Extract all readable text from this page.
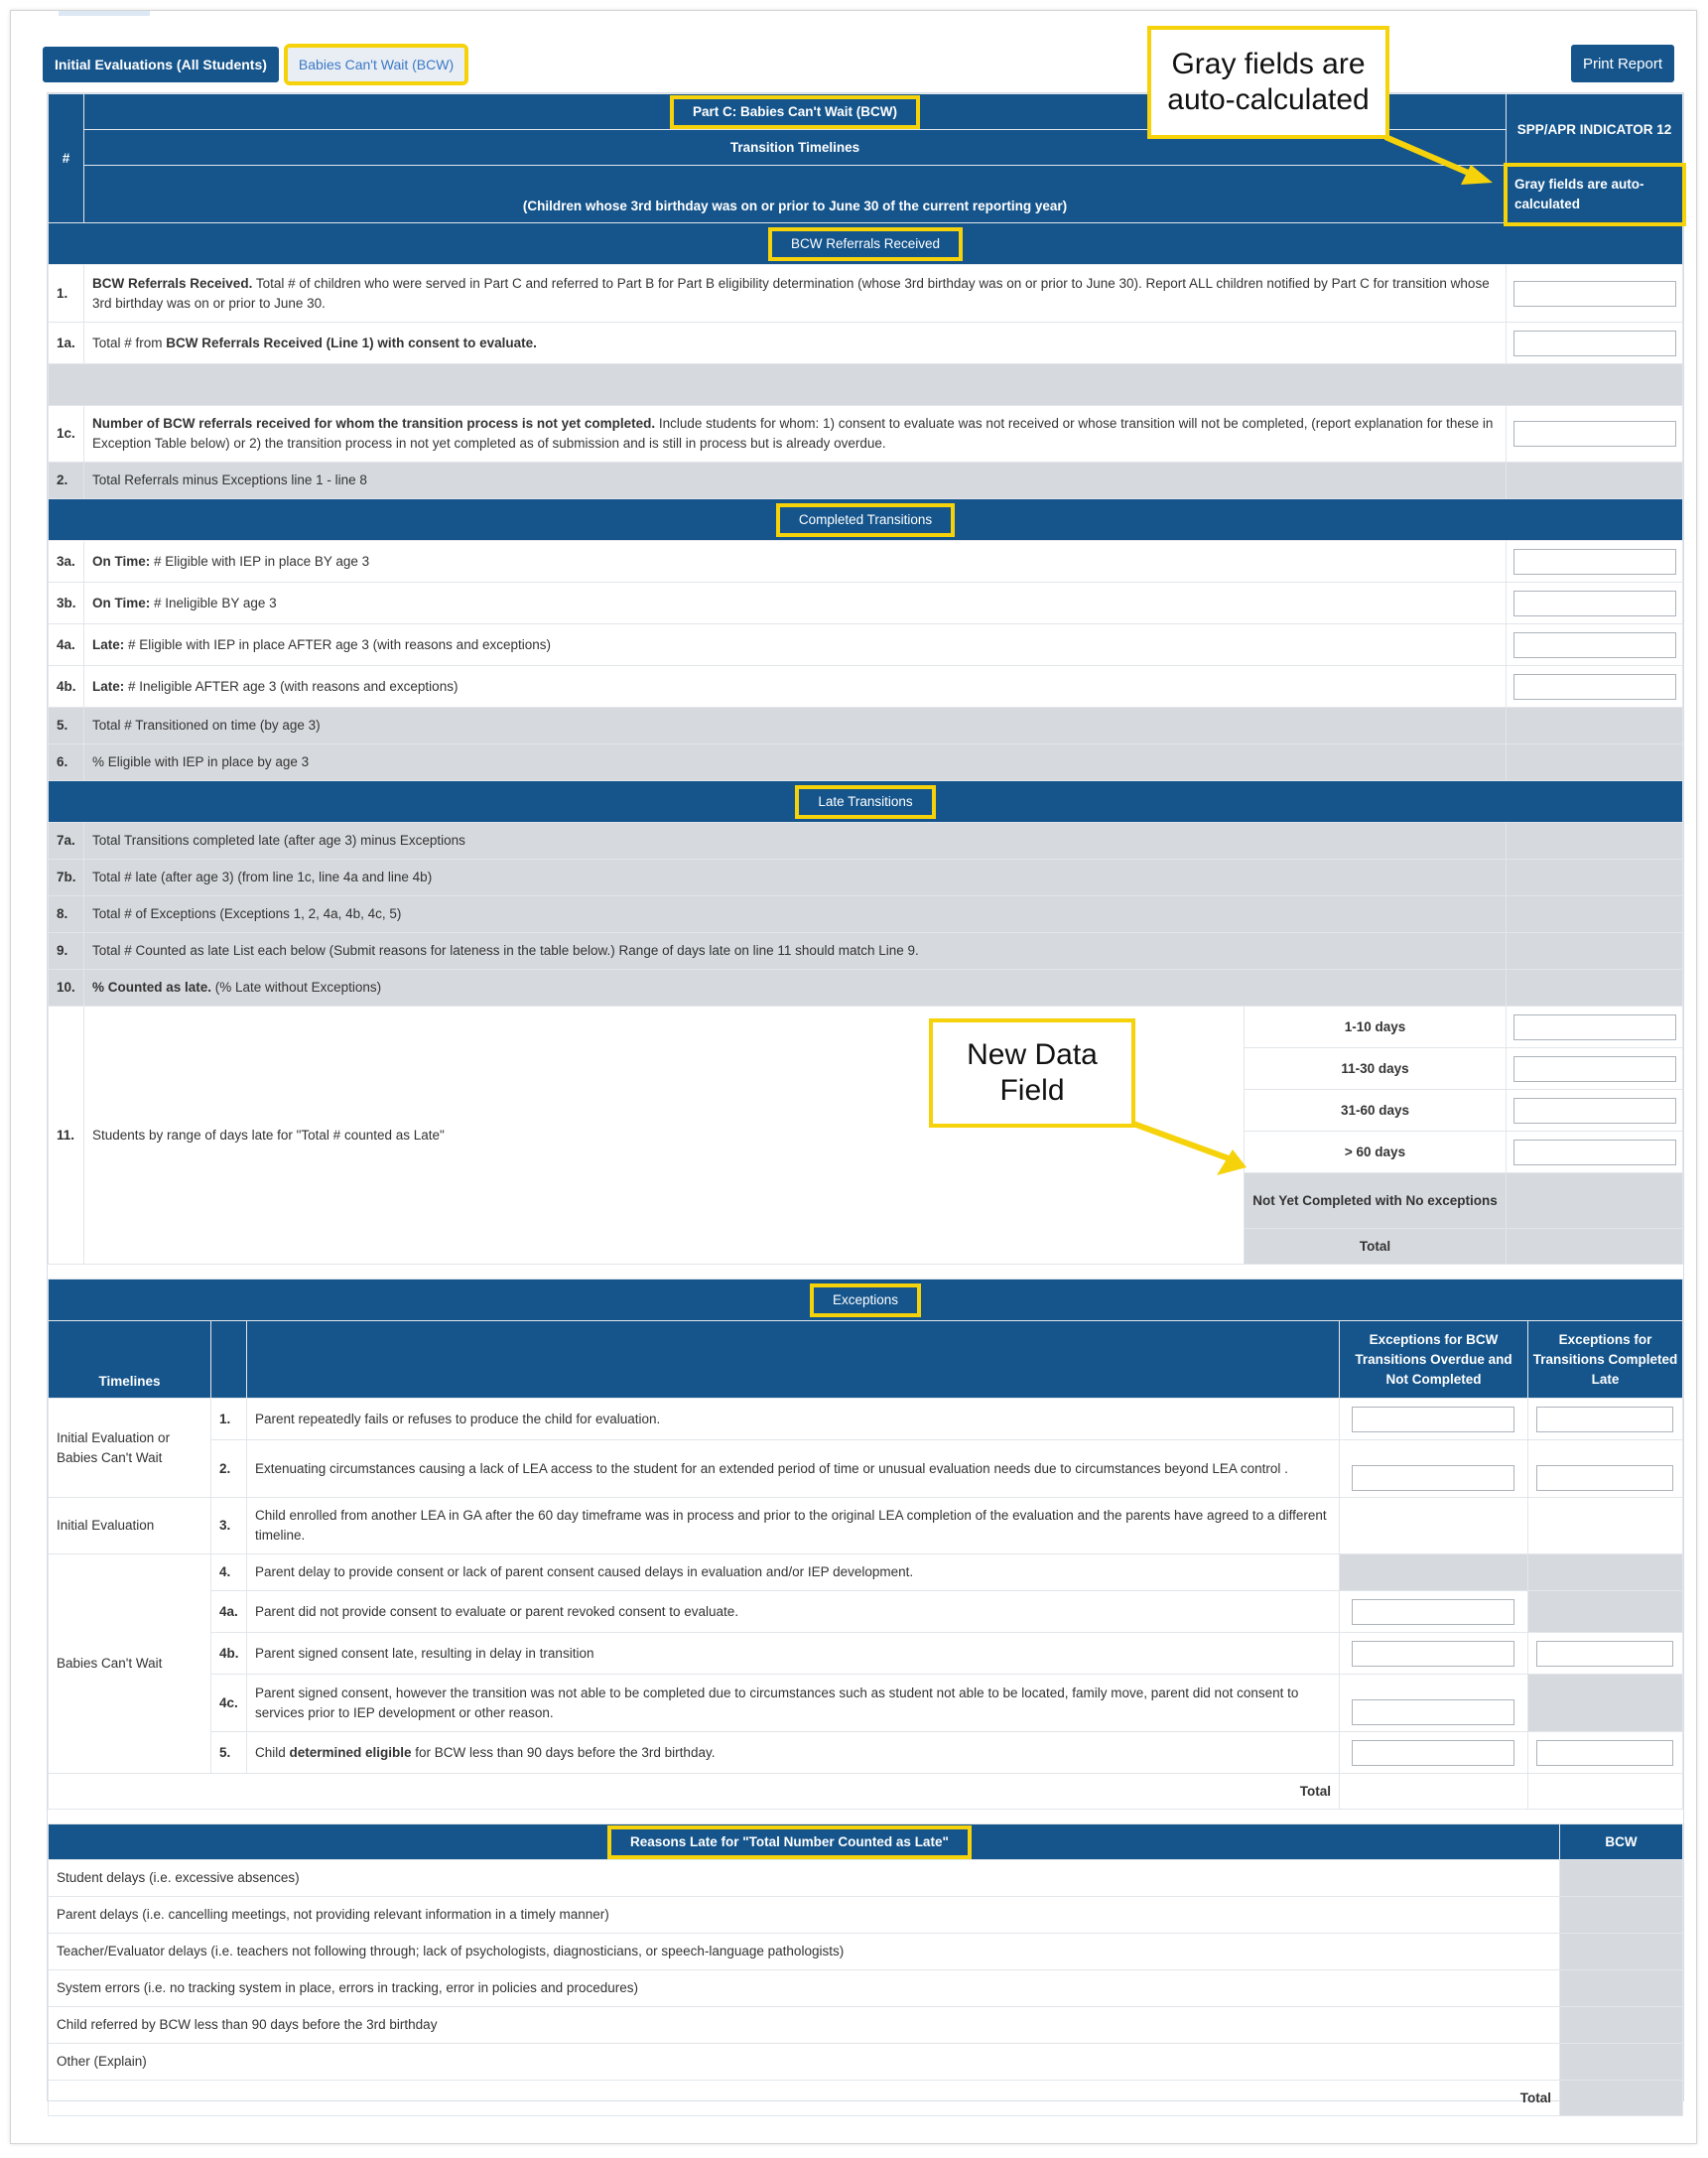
Initial Evaluations (All Students)	Babies Can't Wait (BCW)	Print Report
#	Part C: Babies Can't Wait (BCW)		SPP/APR INDICATOR 12
	Transition Timelines		
	(Children whose 3rd birthday was on or prior to June 30 of the current reporting year)		Gray fields are auto-calculated
BCW Referrals Received			
1.	BCW Referrals Received. Total # of children who were served in Part C and referred to Part B for Part B eligibility determination (whose 3rd birthday was on or prior to June 30). Report ALL children notified by Part C for transition whose 3rd birthday was on or prior to June 30.		

1a.	Total # from BCW Referrals Received (Line 1) with consent to evaluate.		

1c.	Number of BCW referrals received for whom the transition process is not yet completed. Include students for whom: 1) consent to evaluate was not received or whose transition will not be completed, (report explanation for these in Exception Table below) or 2) the transition process in not yet completed as of submission and is still in process but is already overdue.		

2.	Total Referrals minus Exceptions line 1 - line 8		
Completed Transitions			
3a.	On Time: # Eligible with IEP in place BY age 3		

3b.	On Time: # Ineligible BY age 3		

4a.	Late: # Eligible with IEP in place AFTER age 3 (with reasons and exceptions)		

4b.	Late: # Ineligible AFTER age 3 (with reasons and exceptions)		

5.	Total # Transitioned on time (by age 3)		
6.	% Eligible with IEP in place by age 3		
Late Transitions			
7a.	Total Transitions completed late (after age 3) minus Exceptions		
7b.	Total # late (after age 3) (from line 1c, line 4a and line 4b)		
8.	Total # of Exceptions (Exceptions 1, 2, 4a, 4b, 4c, 5)		
9.	Total # Counted as late List each below (Submit reasons for lateness in the table below.) Range of days late on line 11 should match Line 9.		
10.	% Counted as late. (% Late without Exceptions)		
11.	Students by range of days late for "Total # counted as Late"	1-10 days	

		11-30 days	

		31-60 days	

		> 60 days	

		Not Yet Completed with No exceptions	
		Total	
Exceptions				
Timelines			Exceptions for BCW Transitions Overdue and Not Completed	Exceptions for Transitions Completed Late
Initial Evaluation or Babies Can't Wait	1.	Parent repeatedly fails or refuses to produce the child for evaluation.	

	2.	Extenuating circumstances causing a lack of LEA access to the student for an extended period of time or unusual evaluation needs due to circumstances beyond LEA control .	

Initial Evaluation	3.	Child enrolled from another LEA in GA after the 60 day timeframe was in process and prior to the original LEA completion of the evaluation and the parents have agreed to a different timeline.		
Babies Can't Wait	4.	Parent delay to provide consent or lack of parent consent caused delays in evaluation and/or IEP development.		
	4a.	Parent did not provide consent to evaluate or parent revoked consent to evaluate.	

	4b.	Parent signed consent late, resulting in delay in transition	

	4c.	Parent signed consent, however the transition was not able to be completed due to circumstances such as student not able to be located, family move, parent did not consent to services prior to IEP development or other reason.	

	5.	Child determined eligible for BCW less than 90 days before the 3rd birthday.	

Total				
Reasons Late for "Total Number Counted as Late"	BCW
Student delays (i.e. excessive absences)	
Parent delays (i.e. cancelling meetings, not providing relevant information in a timely manner)	
Teacher/Evaluator delays (i.e. teachers not following through; lack of psychologists, diagnosticians, or speech-language pathologists)	
System errors (i.e. no tracking system in place, errors in tracking, error in policies and procedures)	
Child referred by BCW less than 90 days before the 3rd birthday	
Other (Explain)	
Total	
Gray fields are auto-calculated
New Data Field
